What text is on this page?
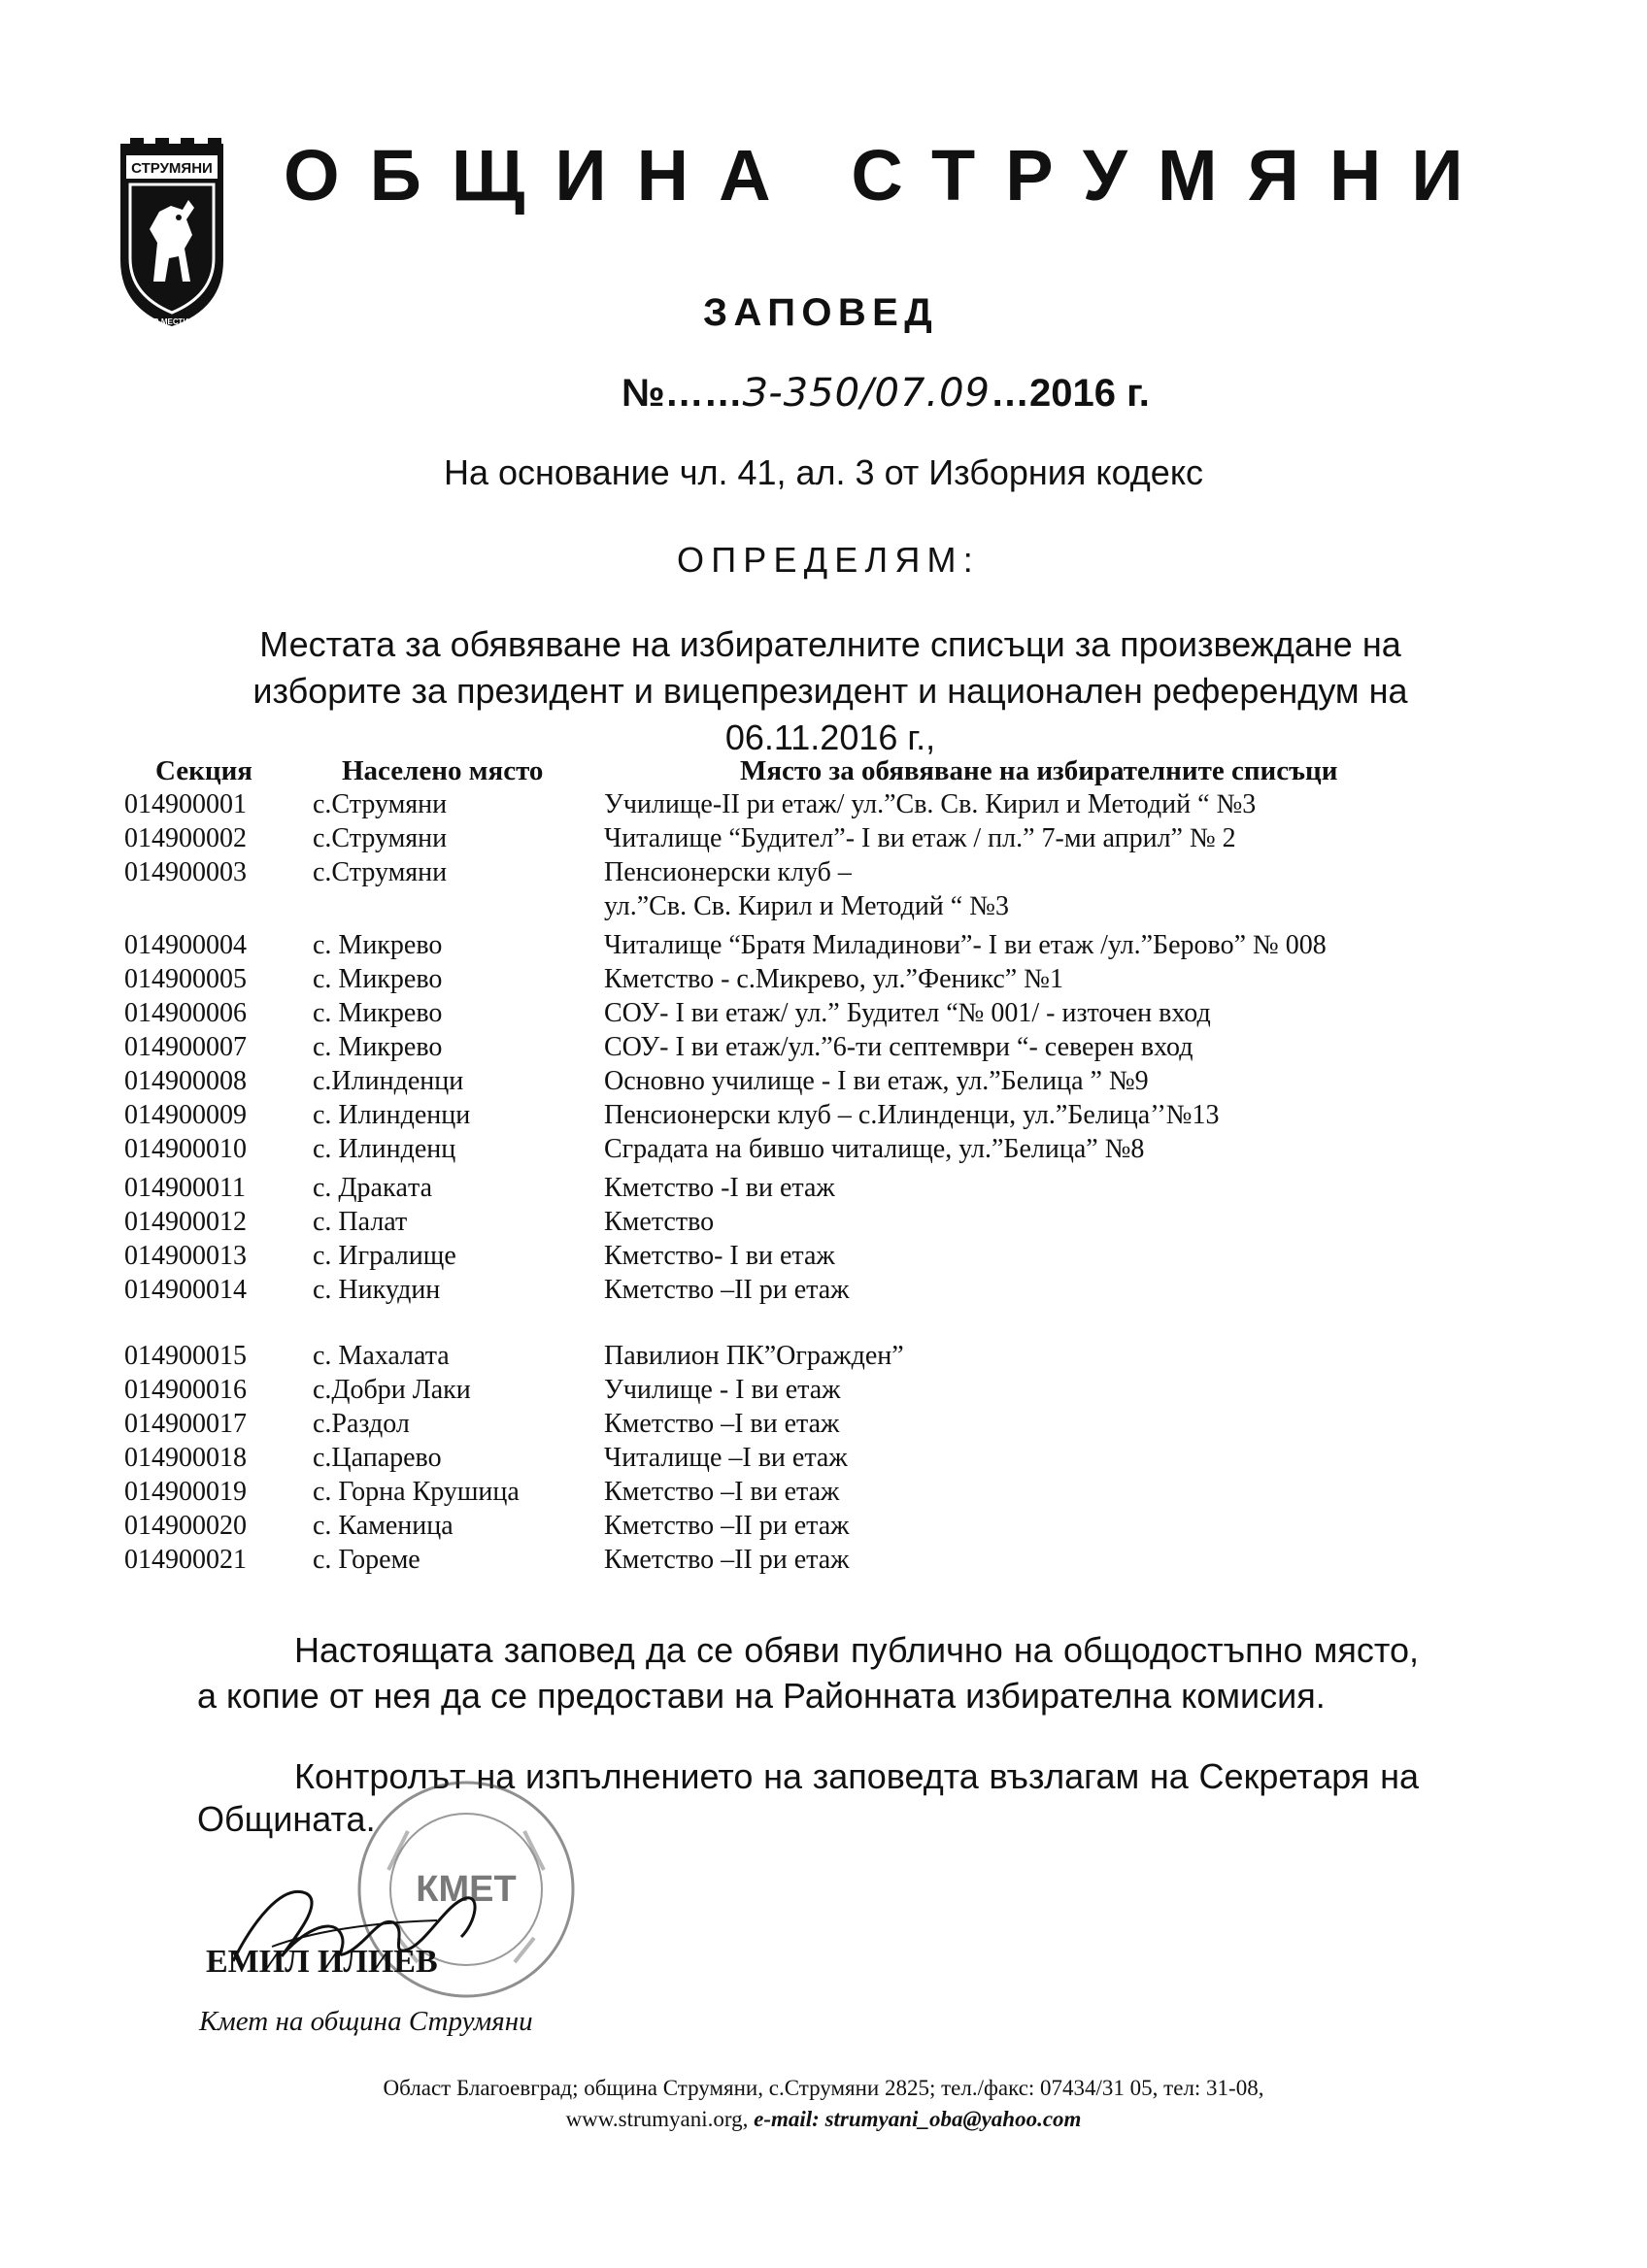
СТРУМЯНИ
ВЯРА В МЕСТИЧКАТА
ОБЩИНА СТРУМЯНИ
ЗАПОВЕД
№……З-350/07.09…2016 г.
На основание чл. 41, ал. 3 от Изборния кодекс
ОПРЕДЕЛЯМ:
Местата за обявяване на избирателните списъци за произвеждане на изборите за президент и вицепрезидент и национален референдум на 06.11.2016 г.,
Секция	Населено място	Място за обявяване на избирателните списъци
014900001 с.Струмяни	Училище-II ри етаж/ ул.”Св. Св. Кирил и Методий “ №3
014900002 с.Струмяни	Читалище “Будител”- I ви етаж / пл.” 7-ми април” № 2
014900003 с.Струмяни	Пенсионерски клуб –
ул.”Св. Св. Кирил и Методий “ №3
014900004 с. Микрево	Читалище “Братя Миладинови”- I ви етаж /ул.”Берово” № 008
014900005 с. Микрево	Кметство - с.Микрево, ул.”Феникс” №1
014900006 с. Микрево	СОУ- I ви етаж/ ул.” Будител “№ 001/ - източен вход
014900007 с. Микрево	СОУ- I ви етаж/ул.”6-ти септември “- северен вход
014900008 с.Илинденци	Основно училище - I ви етаж, ул.”Белица ” №9
014900009 с. Илинденци	Пенсионерски клуб – с.Илинденци, ул.”Белица’’№13
014900010 с. Илинденц	Сградата на бившо читалище, ул.”Белица” №8
014900011 с. Дракaта	Кметство -I ви етаж
014900012 с. Палат	Кметство
014900013 с. Игралище	Кметство- I ви етаж
014900014 с. Никудин	Кметство –II ри етаж
014900015 с. Махалата	Павилион ПК”Огражден”
014900016 с.Добри Лаки	Училище - I ви етаж
014900017 с.Раздол	Кметство –I ви етаж
014900018 с.Цапарево	Читалище –I ви етаж
014900019 с. Горна Крушица	Кметство –I ви етаж
014900020 с. Каменица	Кметство –II ри етаж
014900021 с. Гореме	Кметство –II ри етаж
Настоящата заповед да се обяви публично на общодостъпно място, а копие от нея да се предостави на Районната избирателна комисия.
Контролът на изпълнението на заповедта възлагам на Секретаря на
Общината.
КМЕТ
ЕМИЛ ИЛИЕВ
Кмет на община Струмяни
Област Благоевград; община Струмяни, с.Струмяни 2825; тел./факс: 07434/31 05, тел: 31-08,
www.strumyani.org, e-mail: strumyani_oba@yahoo.com
